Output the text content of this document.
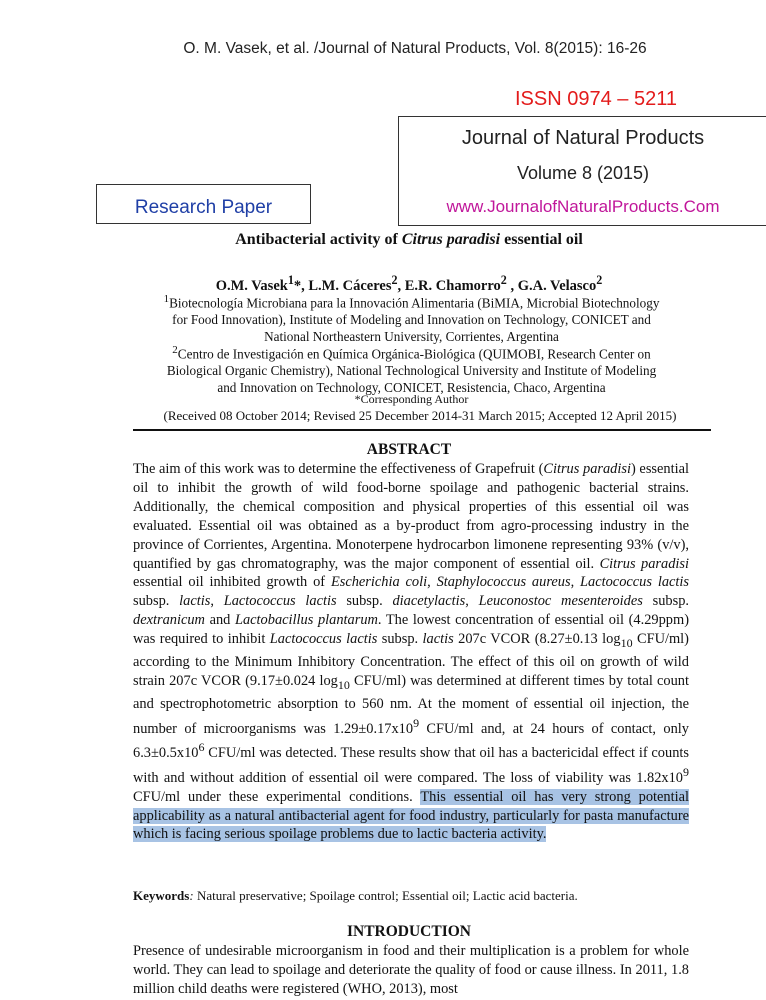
O. M. Vasek, et al. /Journal of Natural Products, Vol. 8(2015): 16-26
ISSN 0974 – 5211
Journal of Natural Products
Volume 8 (2015)
www.JournalofNaturalProducts.Com
Research Paper
Antibacterial activity of Citrus paradisi essential oil
O.M. Vasek$^1$*, L.M. Cáceres$^2$, E.R. Chamorro$^2$ , G.A. Velasco$^2$
$^1$Biotecnología Microbiana para la Innovación Alimentaria (BiMIA, Microbial Biotechnology
for Food Innovation), Institute of Modeling and Innovation on Technology, CONICET and
National Northeastern University, Corrientes, Argentina
$^2$Centro de Investigación en Química Orgánica-Biológica (QUIMOBI, Research Center on
Biological Organic Chemistry), National Technological University and Institute of Modeling
and Innovation on Technology, CONICET, Resistencia, Chaco, Argentina
*Corresponding Author
(Received 08 October 2014; Revised 25 December 2014-31 March 2015; Accepted 12 April 2015)
ABSTRACT
The aim of this work was to determine the effectiveness of Grapefruit (Citrus paradisi) essential oil to inhibit the growth of wild food-borne spoilage and pathogenic bacterial strains. Additionally, the chemical composition and physical properties of this essential oil was evaluated. Essential oil was obtained as a by-product from agro-processing industry in the province of Corrientes, Argentina. Monoterpene hydrocarbon limonene representing 93% (v/v), quantified by gas chromatography, was the major component of essential oil. Citrus paradisi essential oil inhibited growth of Escherichia coli, Staphylococcus aureus, Lactococcus lactis subsp. lactis, Lactococcus lactis subsp. diacetylactis, Leuconostoc mesenteroides subsp. dextranicum and Lactobacillus plantarum. The lowest concentration of essential oil (4.29ppm) was required to inhibit Lactococcus lactis subsp. lactis 207c VCOR (8.27±0.13 $\log_{10} CFU/ml$) according to the Minimum Inhibitory Concentration. The effect of this oil on growth of wild strain 207c VCOR (9.17±0.024 $\log_{10} CFU/ml$) was determined at different times by total count and spectrophotometric absorption to 560 nm. At the moment of essential oil injection, the number of microorganisms was $1.29\pm 0.17x10^9$ CFU/ml and, at 24 hours of contact, only $6.3\pm 0.5x10^6$ CFU/ml was detected. These results show that oil has a bactericidal effect if counts with and without addition of essential oil were compared. The loss of viability was $1.82x10^9$ CFU/ml under these experimental conditions. This essential oil has very strong potential applicability as a natural antibacterial agent for food industry, particularly for pasta manufacture which is facing serious spoilage problems due to lactic bacteria activity.
Keywords: Natural preservative; Spoilage control; Essential oil; Lactic acid bacteria.
INTRODUCTION
Presence of undesirable microorganism in food and their multiplication is a problem for whole world. They can lead to spoilage and deteriorate the quality of food or cause illness. In 2011, 1.8 million child deaths were registered (WHO, 2013), most
